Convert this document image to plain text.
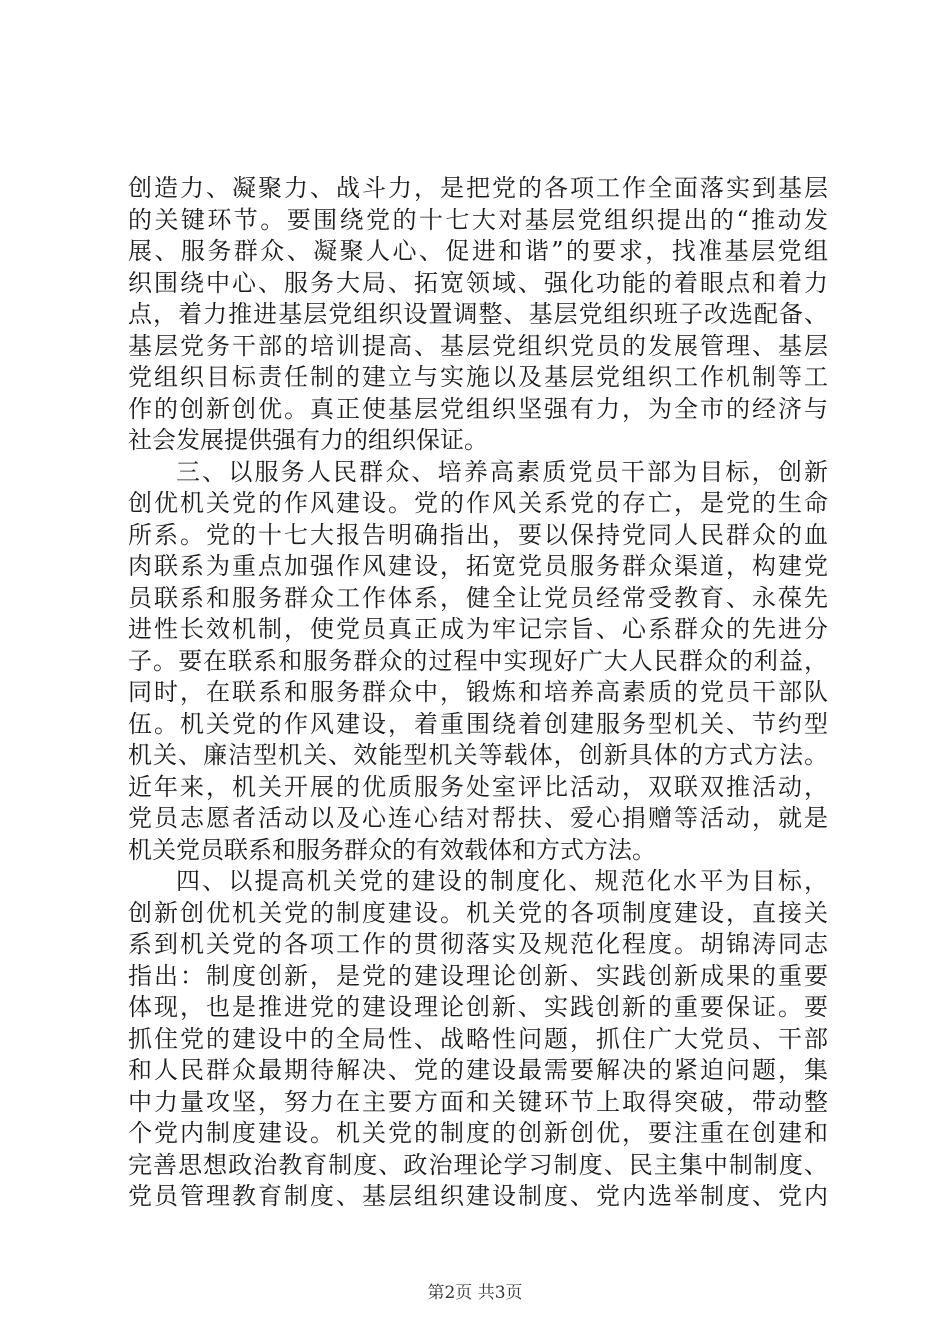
创造力、凝聚力、战斗力，是把党的各项工作全面落实到基层
的关键环节。要围绕党的十七大对基层党组织提出的“推动发
展、服务群众、凝聚人心、促进和谐”的要求，找准基层党组
织围绕中心、服务大局、拓宽领域、强化功能的着眼点和着力
点，着力推进基层党组织设置调整、基层党组织班子改选配备、
基层党务干部的培训提高、基层党组织党员的发展管理、基层
党组织目标责任制的建立与实施以及基层党组织工作机制等工
作的创新创优。真正使基层党组织坚强有力，为全市的经济与
社会发展提供强有力的组织保证。
三、以服务人民群众、培养高素质党员干部为目标，创新
创优机关党的作风建设。党的作风关系党的存亡，是党的生命
所系。党的十七大报告明确指出，要以保持党同人民群众的血
肉联系为重点加强作风建设，拓宽党员服务群众渠道，构建党
员联系和服务群众工作体系，健全让党员经常受教育、永葆先
进性长效机制，使党员真正成为牢记宗旨、心系群众的先进分
子。要在联系和服务群众的过程中实现好广大人民群众的利益，
同时，在联系和服务群众中，锻炼和培养高素质的党员干部队
伍。机关党的作风建设，着重围绕着创建服务型机关、节约型
机关、廉洁型机关、效能型机关等载体，创新具体的方式方法。
近年来，机关开展的优质服务处室评比活动，双联双推活动，
党员志愿者活动以及心连心结对帮扶、爱心捐赠等活动，就是
机关党员联系和服务群众的有效载体和方式方法。
四、以提高机关党的建设的制度化、规范化水平为目标，
创新创优机关党的制度建设。机关党的各项制度建设，直接关
系到机关党的各项工作的贯彻落实及规范化程度。胡锦涛同志
指出：制度创新，是党的建设理论创新、实践创新成果的重要
体现，也是推进党的建设理论创新、实践创新的重要保证。要
抓住党的建设中的全局性、战略性问题，抓住广大党员、干部
和人民群众最期待解决、党的建设最需要解决的紧迫问题，集
中力量攻坚，努力在主要方面和关键环节上取得突破，带动整
个党内制度建设。机关党的制度的创新创优，要注重在创建和
完善思想政治教育制度、政治理论学习制度、民主集中制制度、
党员管理教育制度、基层组织建设制度、党内选举制度、党内
第2页 共3页
